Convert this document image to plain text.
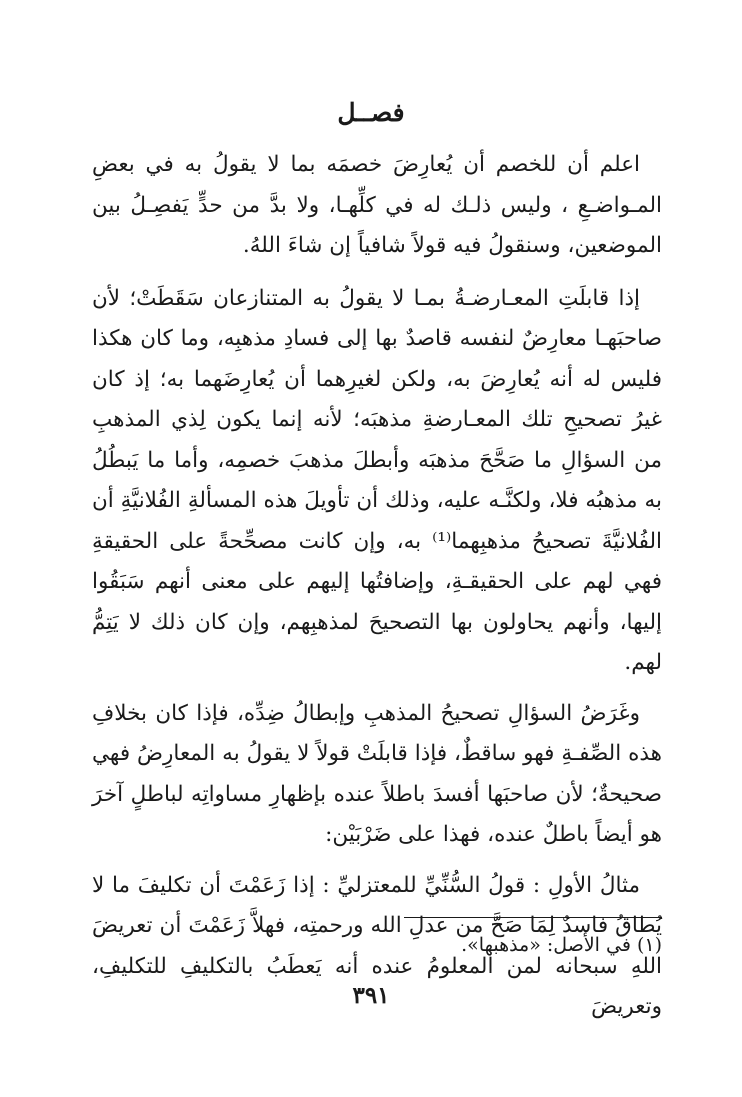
فصــل

اعلم أن للخصم أن يُعارِضَ خصمَه بما لا يقولُ به في بعضِ المـواضـعِ ، وليس ذلـك له في كلِّهـا، ولا بدَّ من حدٍّ يَفصِـلُ بين الموضعين، وسنقولُ فيه قولاً شافياً إن شاءَ اللهُ.

إذا قابلَتِ المعـارضـةُ بمـا لا يقولُ به المتنازعان سَقَطَتْ؛ لأن صاحبَهـا معارِضٌ لنفسه قاصدٌ بها إلى فسادِ مذهبِه، وما كان هكذا فليس له أنه يُعارِضَ به، ولكن لغيرِهما أن يُعارِضَهما به؛ إذ كان غيرُ تصحيحِ تلك المعـارضةِ مذهبَه؛ لأنه إنما يكون لِذي المذهبِ من السؤالِ ما صَحَّحَ مذهبَه وأبطلَ مذهبَ خصمِه، وأما ما يَبطُلُ به مذهبُه فلا، ولكنَّـه عليه، وذلك أن تأويلَ هذه المسألةِ الفُلانيَّةِ أن الفُلانيَّةَ تصحيحُ مذهبِهما⁽¹⁾ به، وإن كانت مصحِّحةً على الحقيقةِ فهي لهم على الحقيقـةِ، وإضافتُها إليهم على معنى أنهم سَبَقُوا إليها، وأنهم يحاولون بها التصحيحَ لمذهبِهم، وإن كان ذلك لا يَتِمُّ لهم.

وغَرَضُ السؤالِ تصحيحُ المذهبِ وإبطالُ ضِدِّه، فإذا كان بخلافِ هذه الصِّفـةِ فهو ساقطٌ، فإذا قابلَتْ قولاً لا يقولُ به المعارِضُ فهي صحيحةٌ؛ لأن صاحبَها أفسدَ باطلاً عنده بإظهارِ مساواتِه لباطلٍ آخرَ هو أيضاً باطلٌ عنده، فهذا على ضَرْبَيْن:

مثالُ الأولِ : قولُ السُّنِّيِّ للمعتزليِّ : إذا زَعَمْتَ أن تكليفَ ما لا يُطاقُ فاسدٌ لِمَا صَحَّ من عدلِ الله ورحمتِه، فهلاَّ زَعَمْتَ أن تعريضَ اللهِ سبحانه لمن المعلومُ عنده أنه يَعطَبُ بالتكليفِ للتكليفِ، وتعريضَ

(١) في الأصل: «مذهبها».

٣٩١
